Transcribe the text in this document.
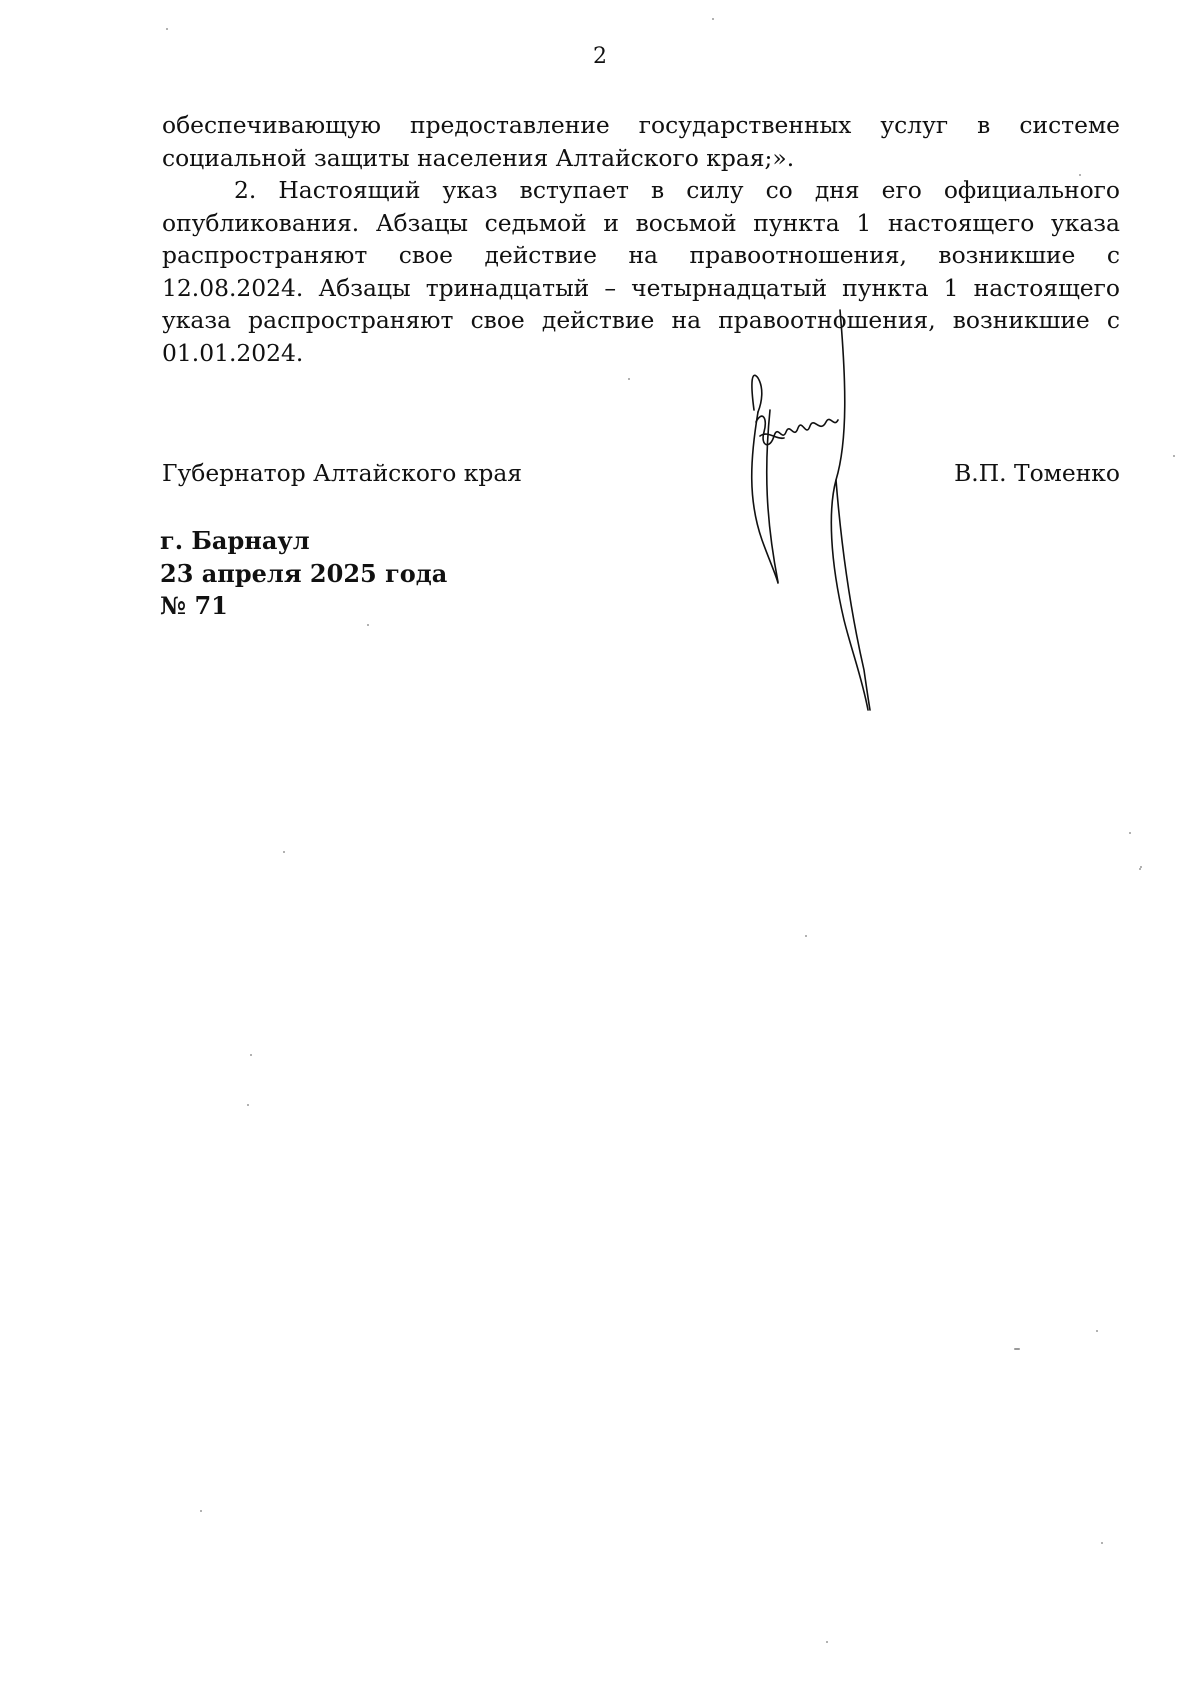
2

обеспечивающую предоставление государственных услуг в системе социальной защиты населения Алтайского края;».

2. Настоящий указ вступает в силу со дня его официального опубликования. Абзацы седьмой и восьмой пункта 1 настоящего указа распространяют свое действие на правоотношения, возникшие с 12.08.2024. Абзацы тринадцатый – четырнадцатый пункта 1 настоящего указа распространяют свое действие на правоотношения, возникшие с 01.01.2024.

Губернатор Алтайского края	В.П. Томенко
г. Барнаул
23 апреля 2025 года
№ 71
